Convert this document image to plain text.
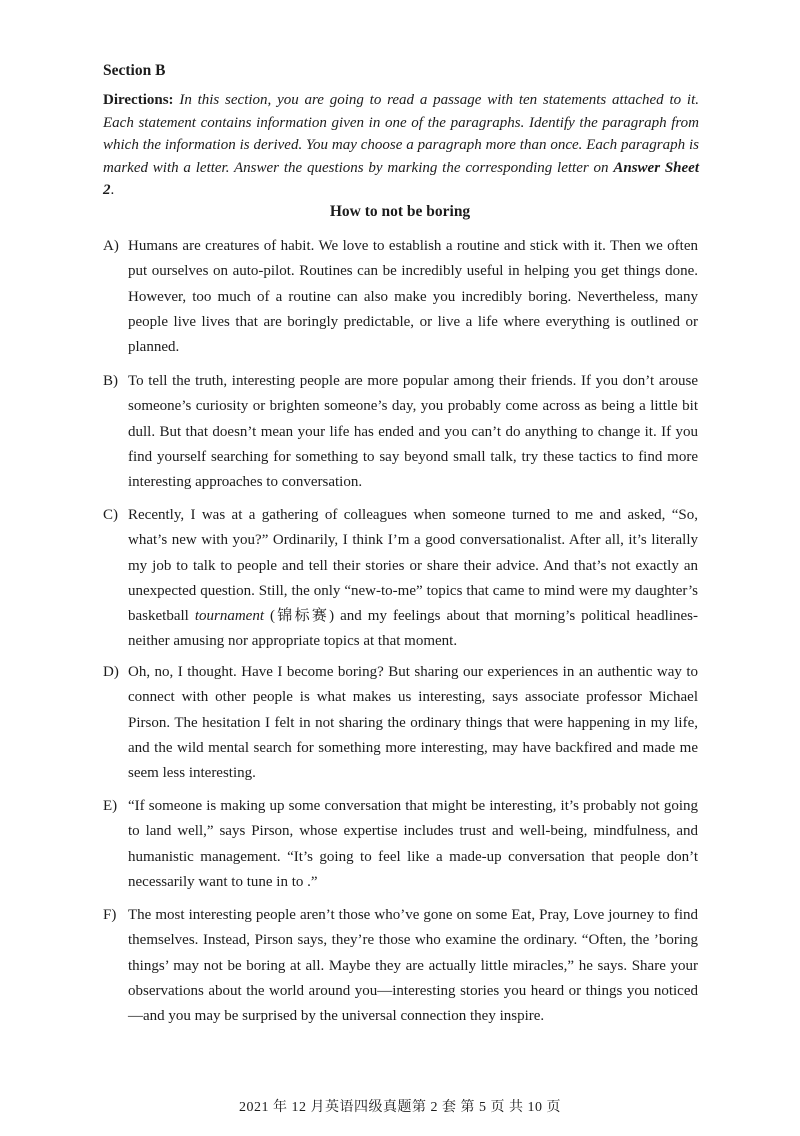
Section B
Directions: In this section, you are going to read a passage with ten statements attached to it. Each statement contains information given in one of the paragraphs. Identify the paragraph from which the information is derived. You may choose a paragraph more than once. Each paragraph is marked with a letter. Answer the questions by marking the corresponding letter on Answer Sheet 2.
How to not be boring
A) Humans are creatures of habit. We love to establish a routine and stick with it. Then we often put ourselves on auto-pilot. Routines can be incredibly useful in helping you get things done. However, too much of a routine can also make you incredibly boring. Nevertheless, many people live lives that are boringly predictable, or live a life where everything is outlined or planned.
B) To tell the truth, interesting people are more popular among their friends. If you don’t arouse someone’s curiosity or brighten someone’s day, you probably come across as being a little bit dull. But that doesn’t mean your life has ended and you can’t do anything to change it. If you find yourself searching for something to say beyond small talk, try these tactics to find more interesting approaches to conversation.
C) Recently, I was at a gathering of colleagues when someone turned to me and asked, “So, what’s new with you?” Ordinarily, I think I’m a good conversationalist. After all, it’s literally my job to talk to people and tell their stories or share their advice. And that’s not exactly an unexpected question. Still, the only “new-to-me” topics that came to mind were my daughter’s basketball tournament (锦标赛) and my feelings about that morning’s political headlines- neither amusing nor appropriate topics at that moment.
D) Oh, no, I thought. Have I become boring? But sharing our experiences in an authentic way to connect with other people is what makes us interesting, says associate professor Michael Pirson. The hesitation I felt in not sharing the ordinary things that were happening in my life, and the wild mental search for something more interesting, may have backfired and made me seem less interesting.
E) “If someone is making up some conversation that might be interesting, it’s probably not going to land well,” says Pirson, whose expertise includes trust and well-being, mindfulness, and humanistic management. “It’s going to feel like a made-up conversation that people don’t necessarily want to tune in to .”
F) The most interesting people aren’t those who’ve gone on some Eat, Pray, Love journey to find themselves. Instead, Pirson says, they’re those who examine the ordinary. “Often, the ’boring things’ may not be boring at all. Maybe they are actually little miracles,” he says. Share your observations about the world around you—interesting stories you heard or things you noticed—and you may be surprised by the universal connection they inspire.
2021 年 12 月英语四级真题第 2 套 第 5 页 共 10 页
